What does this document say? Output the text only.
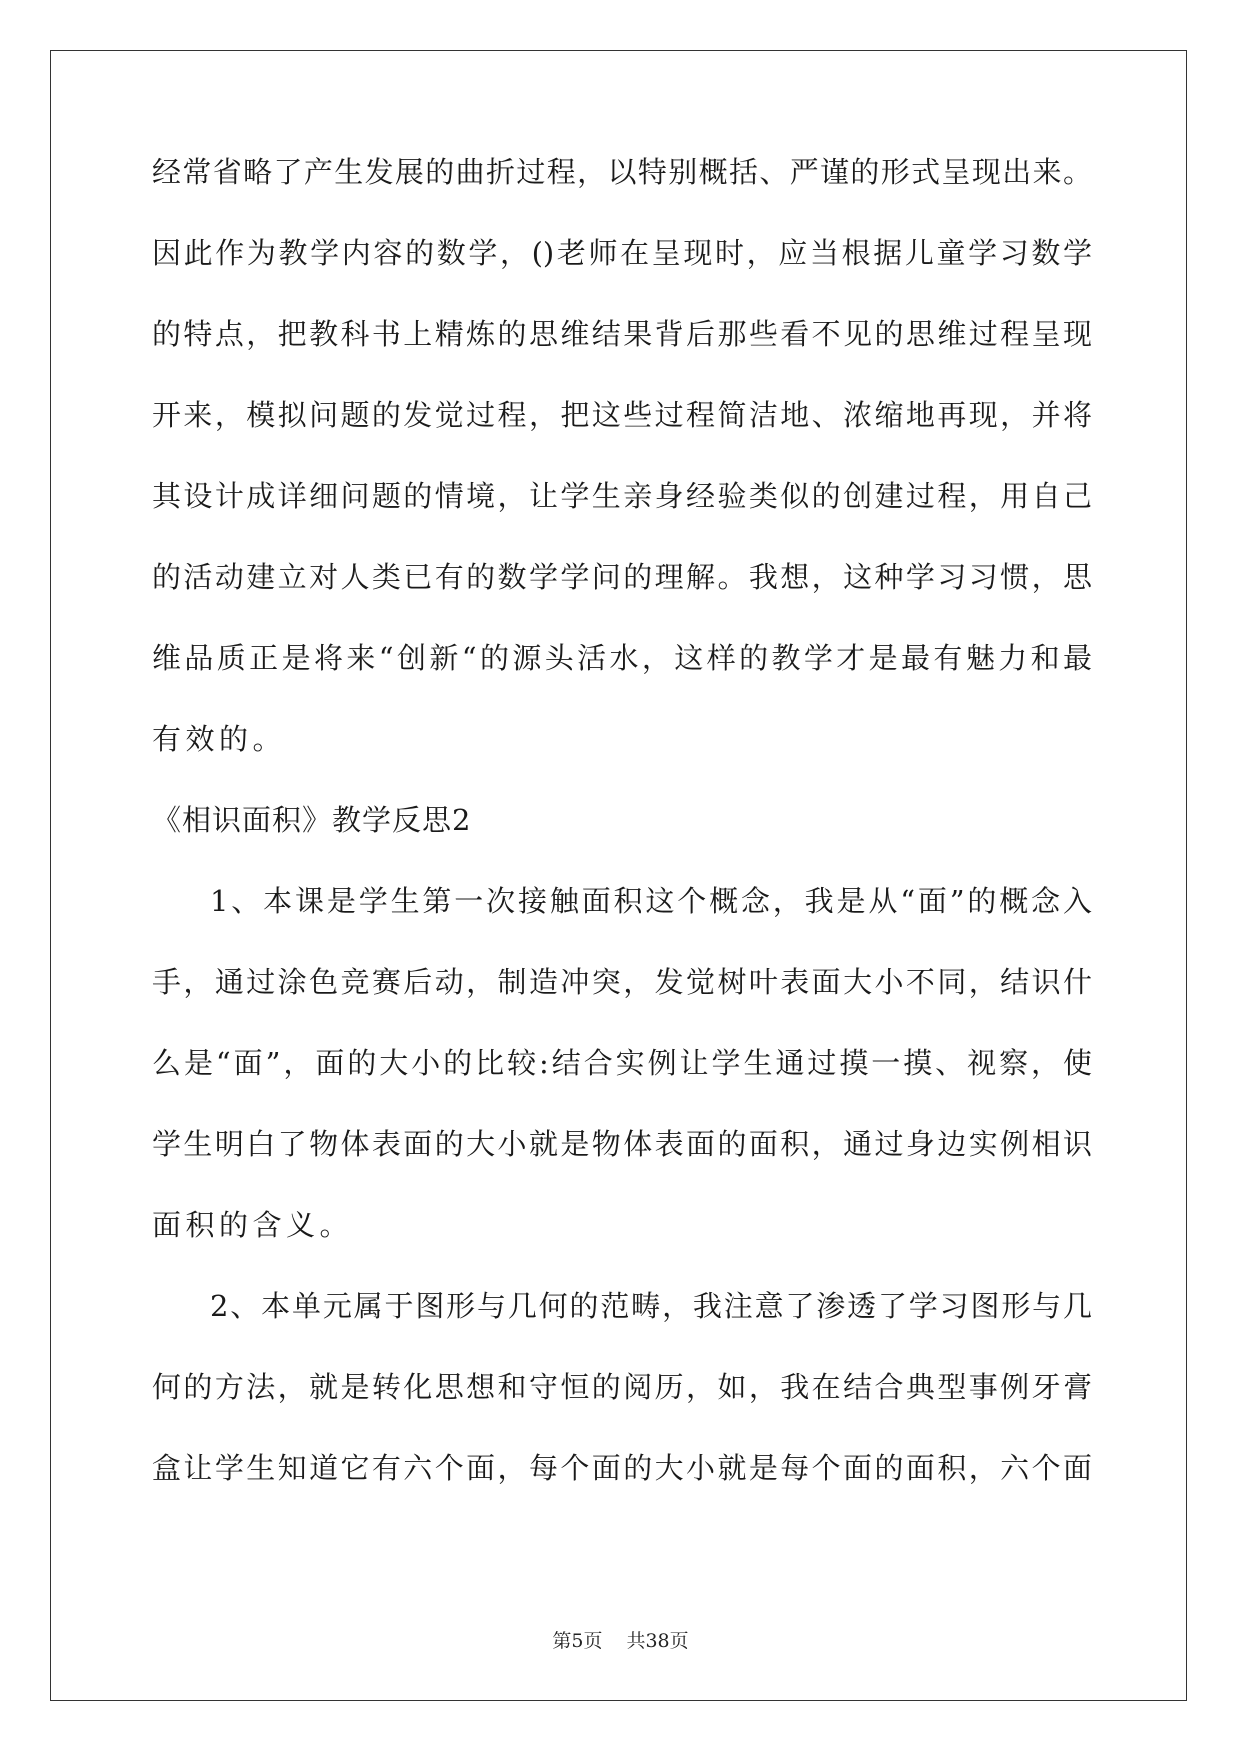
经常省略了产生发展的曲折过程，以特别概括、严谨的形式呈现出来。
因此作为教学内容的数学，()老师在呈现时，应当根据儿童学习数学
的特点，把教科书上精炼的思维结果背后那些看不见的思维过程呈现
开来，模拟问题的发觉过程，把这些过程简洁地、浓缩地再现，并将
其设计成详细问题的情境，让学生亲身经验类似的创建过程，用自己
的活动建立对人类已有的数学学问的理解。我想，这种学习习惯，思
维品质正是将来“创新“的源头活水，这样的教学才是最有魅力和最
有效的。
《相识面积》教学反思2
1、本课是学生第一次接触面积这个概念，我是从“面”的概念入
手，通过涂色竞赛后动，制造冲突，发觉树叶表面大小不同，结识什
么是“面”，面的大小的比较:结合实例让学生通过摸一摸、视察，使
学生明白了物体表面的大小就是物体表面的面积，通过身边实例相识
面积的含义。
2、本单元属于图形与几何的范畴，我注意了渗透了学习图形与几
何的方法，就是转化思想和守恒的阅历，如，我在结合典型事例牙膏
盒让学生知道它有六个面，每个面的大小就是每个面的面积，六个面
第5页 共38页
